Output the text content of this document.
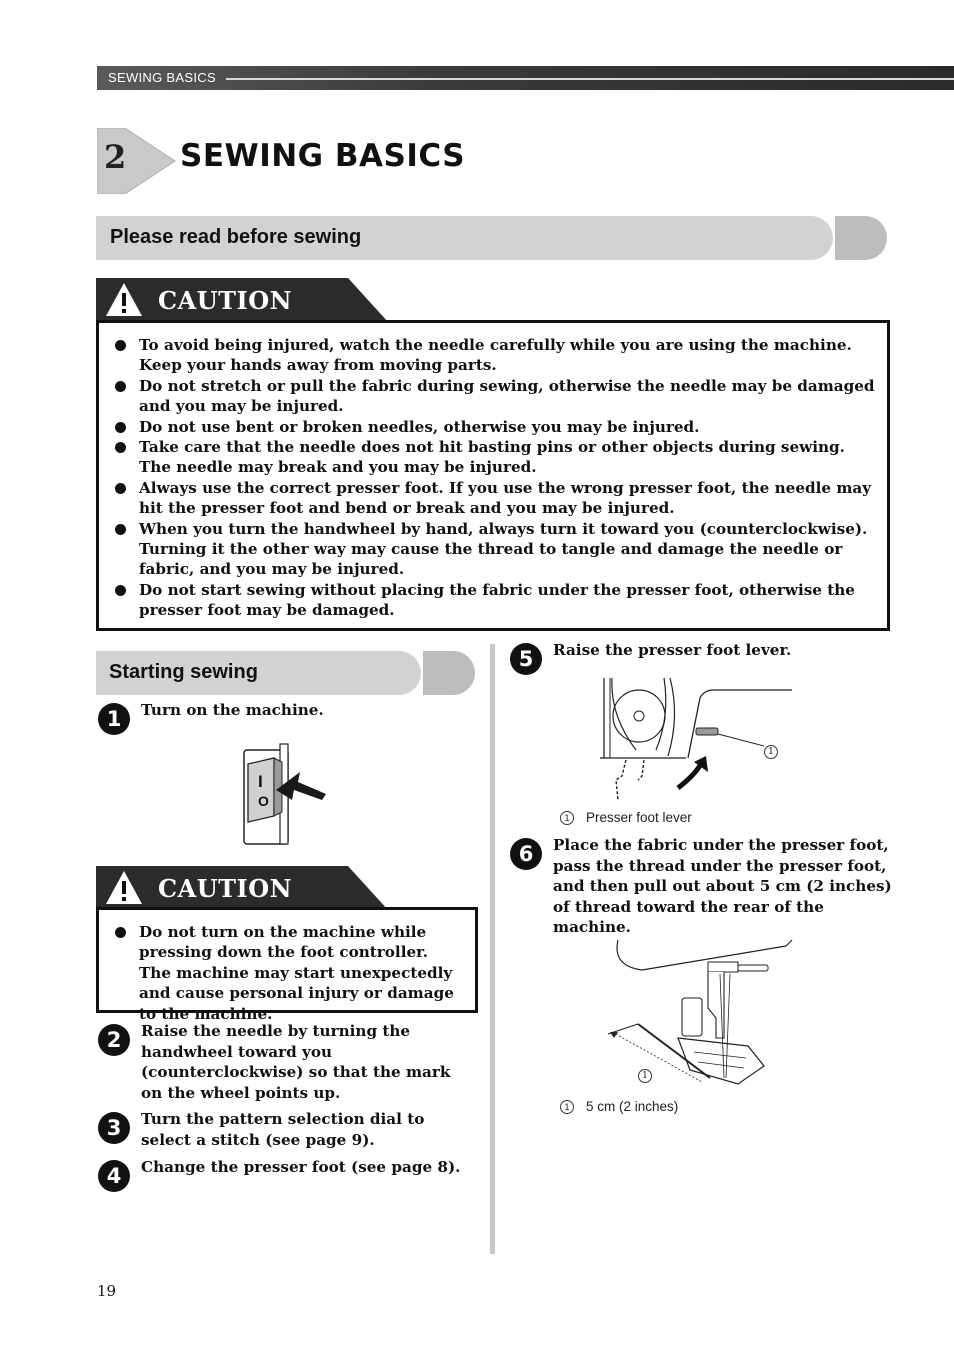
SEWING BASICS
2 SEWING BASICS
Please read before sewing
CAUTION
To avoid being injured, watch the needle carefully while you are using the machine. Keep your hands away from moving parts.
Do not stretch or pull the fabric during sewing, otherwise the needle may be damaged and you may be injured.
Do not use bent or broken needles, otherwise you may be injured.
Take care that the needle does not hit basting pins or other objects during sewing. The needle may break and you may be injured.
Always use the correct presser foot. If you use the wrong presser foot, the needle may hit the presser foot and bend or break and you may be injured.
When you turn the handwheel by hand, always turn it toward you (counterclockwise). Turning it the other way may cause the thread to tangle and damage the needle or fabric, and you may be injured.
Do not start sewing without placing the fabric under the presser foot, otherwise the presser foot may be damaged.
Starting sewing
1	Turn on the machine.
I
O
CAUTION
Do not turn on the machine while pressing down the foot controller. The machine may start unexpectedly and cause personal injury or damage to the machine.
2	Raise the needle by turning the handwheel toward you (counterclockwise) so that the mark on the wheel points up.
3	Turn the pattern selection dial to select a stitch (see page 9).
4	Change the presser foot (see page 8).
5	Raise the presser foot lever.
1
1 Presser foot lever
6	Place the fabric under the presser foot, pass the thread under the presser foot, and then pull out about 5 cm (2 inches) of thread toward the rear of the machine.
1
1 5 cm (2 inches)
19
